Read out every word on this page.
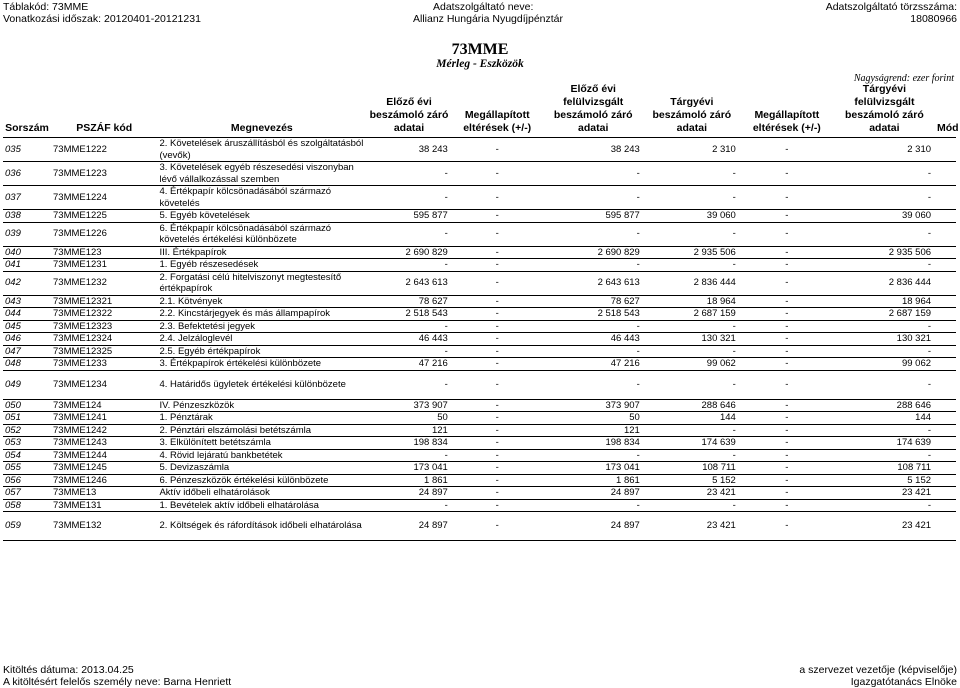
Táblakód: 73MME	Adatszolgáltató neve:	Adatszolgáltató törzsszáma:
Vonatkozási időszak: 20120401-20121231	Allianz Hungária Nyugdíjpénztár	18080966
73MME
Mérleg - Eszközök
Nagyságrend: ezer forint
Sorszám	PSZÁF kód	Megnevezés	Előző évi beszámoló záró adatai	Megállapított eltérések (+/-)	Előző évi felülvizsgált beszámoló záró adatai	Tárgyévi beszámoló záró adatai	Megállapított eltérések (+/-)	Tárgyévi felülvizsgált beszámoló záró adatai	Mód
035	73MME1222	2. Követelések áruszállításból és szolgáltatásból (vevők)	38 243	-	38 243	2 310	-	2 310	
036	73MME1223	3. Követelések egyéb részesedési viszonyban lévő vállalkozással szemben	-	-	-	-	-	-	
037	73MME1224	4. Értékpapír kölcsönadásából származó követelés	-	-	-	-	-	-	
038	73MME1225	5. Egyéb követelések	595 877	-	595 877	39 060	-	39 060	
039	73MME1226	6. Értékpapír kölcsönadásából származó követelés értékelési különbözete	-	-	-	-	-	-	
040	73MME123	III. Értékpapírok	2 690 829	-	2 690 829	2 935 506	-	2 935 506	
041	73MME1231	1. Egyéb részesedések	-	-	-	-	-	-	
042	73MME1232	2. Forgatási célú hitelviszonyt megtestesítő értékpapírok	2 643 613	-	2 643 613	2 836 444	-	2 836 444	
043	73MME12321	2.1. Kötvények	78 627	-	78 627	18 964	-	18 964	
044	73MME12322	2.2. Kincstárjegyek és más állampapírok	2 518 543	-	2 518 543	2 687 159	-	2 687 159	
045	73MME12323	2.3. Befektetési jegyek	-	-	-	-	-	-	
046	73MME12324	2.4. Jelzáloglevél	46 443	-	46 443	130 321	-	130 321	
047	73MME12325	2.5. Egyéb értékpapírok	-	-	-	-	-	-	
048	73MME1233	3. Értékpapírok értékelési különbözete	47 216	-	47 216	99 062	-	99 062	
049	73MME1234	4. Határidős ügyletek értékelési különbözete	-	-	-	-	-	-	
050	73MME124	IV. Pénzeszközök	373 907	-	373 907	288 646	-	288 646	
051	73MME1241	1. Pénztárak	50	-	50	144	-	144	
052	73MME1242	2. Pénztári elszámolási betétszámla	121	-	121	-	-	-	
053	73MME1243	3. Elkülönített betétszámla	198 834	-	198 834	174 639	-	174 639	
054	73MME1244	4. Rövid lejáratú bankbetétek	-	-	-	-	-	-	
055	73MME1245	5. Devizaszámla	173 041	-	173 041	108 711	-	108 711	
056	73MME1246	6. Pénzeszközök értékelési különbözete	1 861	-	1 861	5 152	-	5 152	
057	73MME13	Aktív időbeli elhatárolások	24 897	-	24 897	23 421	-	23 421	
058	73MME131	1. Bevételek aktív időbeli elhatárolása	-	-	-	-	-	-	
059	73MME132	2. Költségek és ráfordítások időbeli elhatárolása	24 897	-	24 897	23 421	-	23 421	
Kitöltés dátuma: 2013.04.25	a szervezet vezetője (képviselője)
A kitöltésért felelős személy neve: Barna Henriett	Igazgatótanács Elnöke
